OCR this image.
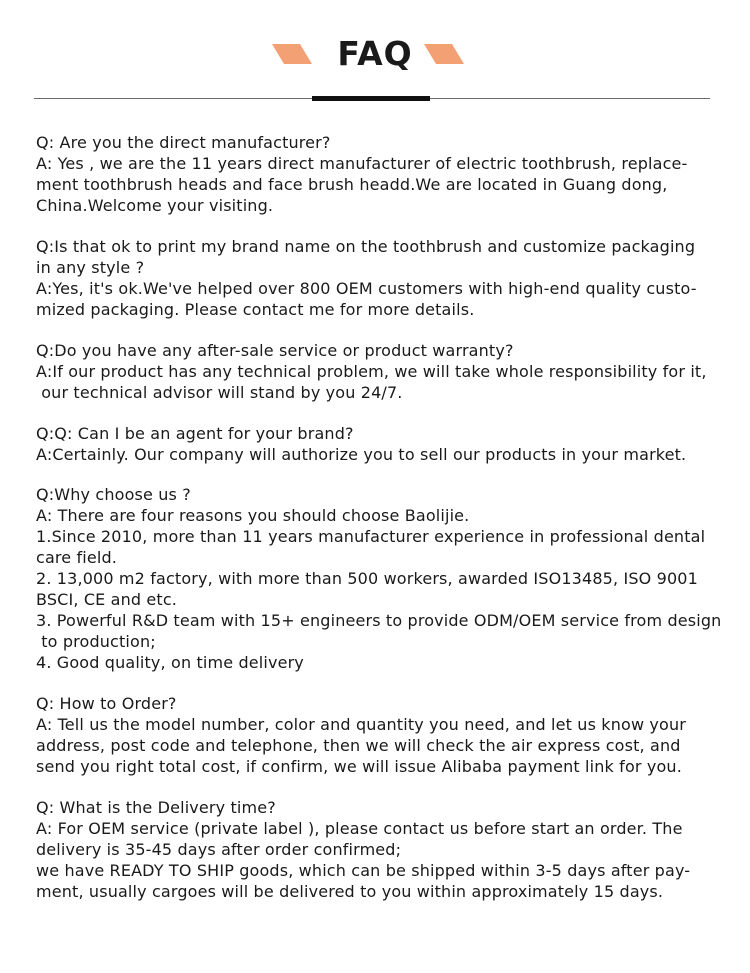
FAQ
Q: Are you the direct manufacturer?
A: Yes , we are the 11 years direct manufacturer of electric toothbrush, replace-
ment toothbrush heads and face brush headd.We are located in Guang dong,
China.Welcome your visiting.
Q:Is that ok to print my brand name on the toothbrush and customize packaging
in any style ?
A:Yes, it's ok.We've helped over 800 OEM customers with high-end quality custo-
mized packaging. Please contact me for more details.
Q:Do you have any after-sale service or product warranty?
A:If our product has any technical problem, we will take whole responsibility for it,
our technical advisor will stand by you 24/7.
Q:Q: Can I be an agent for your brand?
A:Certainly. Our company will authorize you to sell our products in your market.
Q:Why choose us ?
A: There are four reasons you should choose Baolijie.
1.Since 2010, more than 11 years manufacturer experience in professional dental
care field.
2. 13,000 m2 factory, with more than 500 workers, awarded ISO13485, ISO 9001
BSCI, CE and etc.
3. Powerful R&D team with 15+ engineers to provide ODM/OEM service from design
to production;
4. Good quality, on time delivery
Q: How to Order?
A: Tell us the model number, color and quantity you need, and let us know your
address, post code and telephone, then we will check the air express cost, and
send you right total cost, if confirm, we will issue Alibaba payment link for you.
Q: What is the Delivery time?
A: For OEM service (private label ), please contact us before start an order. The
delivery is 35-45 days after order confirmed;
we have READY TO SHIP goods, which can be shipped within 3-5 days after pay-
ment, usually cargoes will be delivered to you within approximately 15 days.
